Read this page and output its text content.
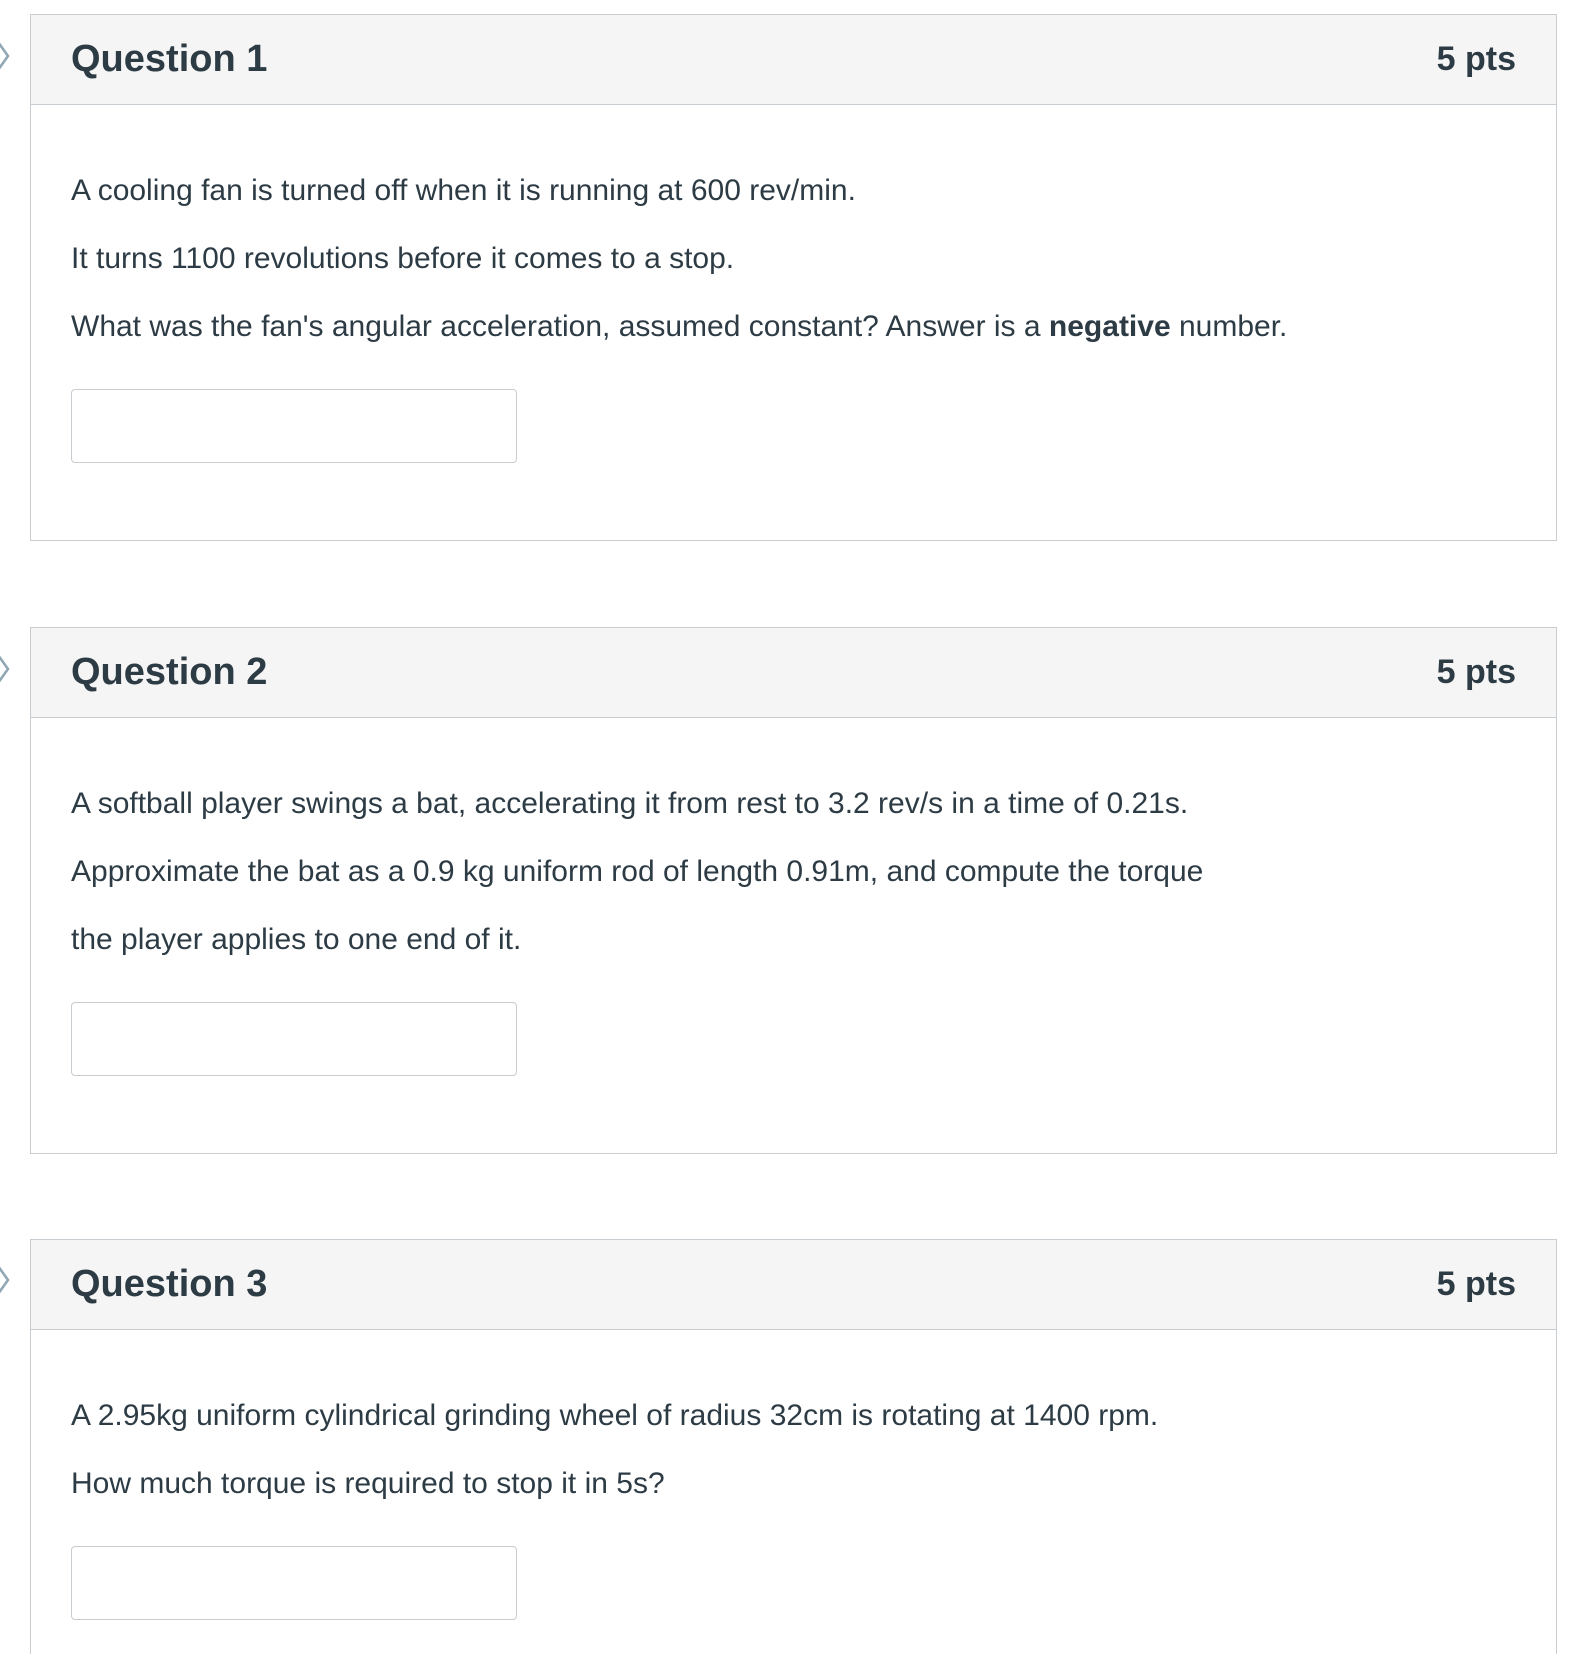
Question 1	5 pts

A cooling fan is turned off when it is running at 600 rev/min.

It turns 1100 revolutions before it comes to a stop.

What was the fan's angular acceleration, assumed constant? Answer is a negative number.

Question 2	5 pts

A softball player swings a bat, accelerating it from rest to 3.2 rev/s in a time of 0.21s.

Approximate the bat as a 0.9 kg uniform rod of length 0.91m, and compute the torque

the player applies to one end of it.

Question 3	5 pts

A 2.95kg uniform cylindrical grinding wheel of radius 32cm is rotating at 1400 rpm.

How much torque is required to stop it in 5s?
